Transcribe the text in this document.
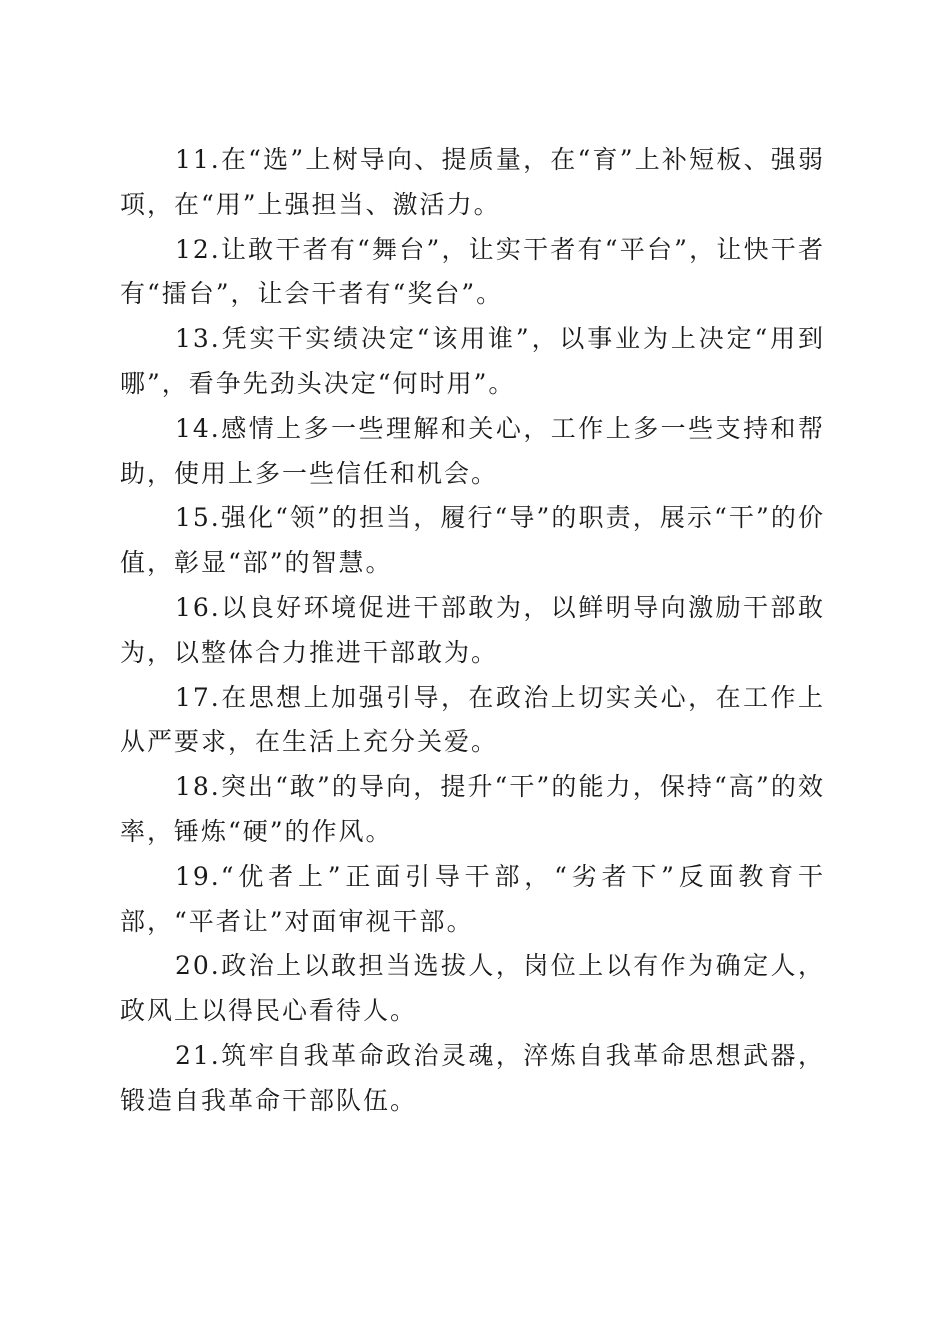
11.在“选”上树导向、提质量，在“育”上补短板、强弱项，在“用”上强担当、激活力。

12.让敢干者有“舞台”，让实干者有“平台”，让快干者有“擂台”，让会干者有“奖台”。

13.凭实干实绩决定“该用谁”，以事业为上决定“用到哪”，看争先劲头决定“何时用”。

14.感情上多一些理解和关心，工作上多一些支持和帮助，使用上多一些信任和机会。

15.强化“领”的担当，履行“导”的职责，展示“干”的价值，彰显“部”的智慧。

16.以良好环境促进干部敢为，以鲜明导向激励干部敢为，以整体合力推进干部敢为。

17.在思想上加强引导，在政治上切实关心，在工作上从严要求，在生活上充分关爱。

18.突出“敢”的导向，提升“干”的能力，保持“高”的效率，锤炼“硬”的作风。

19.“优者上”正面引导干部，“劣者下”反面教育干部，“平者让”对面审视干部。

20.政治上以敢担当选拔人，岗位上以有作为确定人，政风上以得民心看待人。

21.筑牢自我革命政治灵魂，淬炼自我革命思想武器，锻造自我革命干部队伍。
